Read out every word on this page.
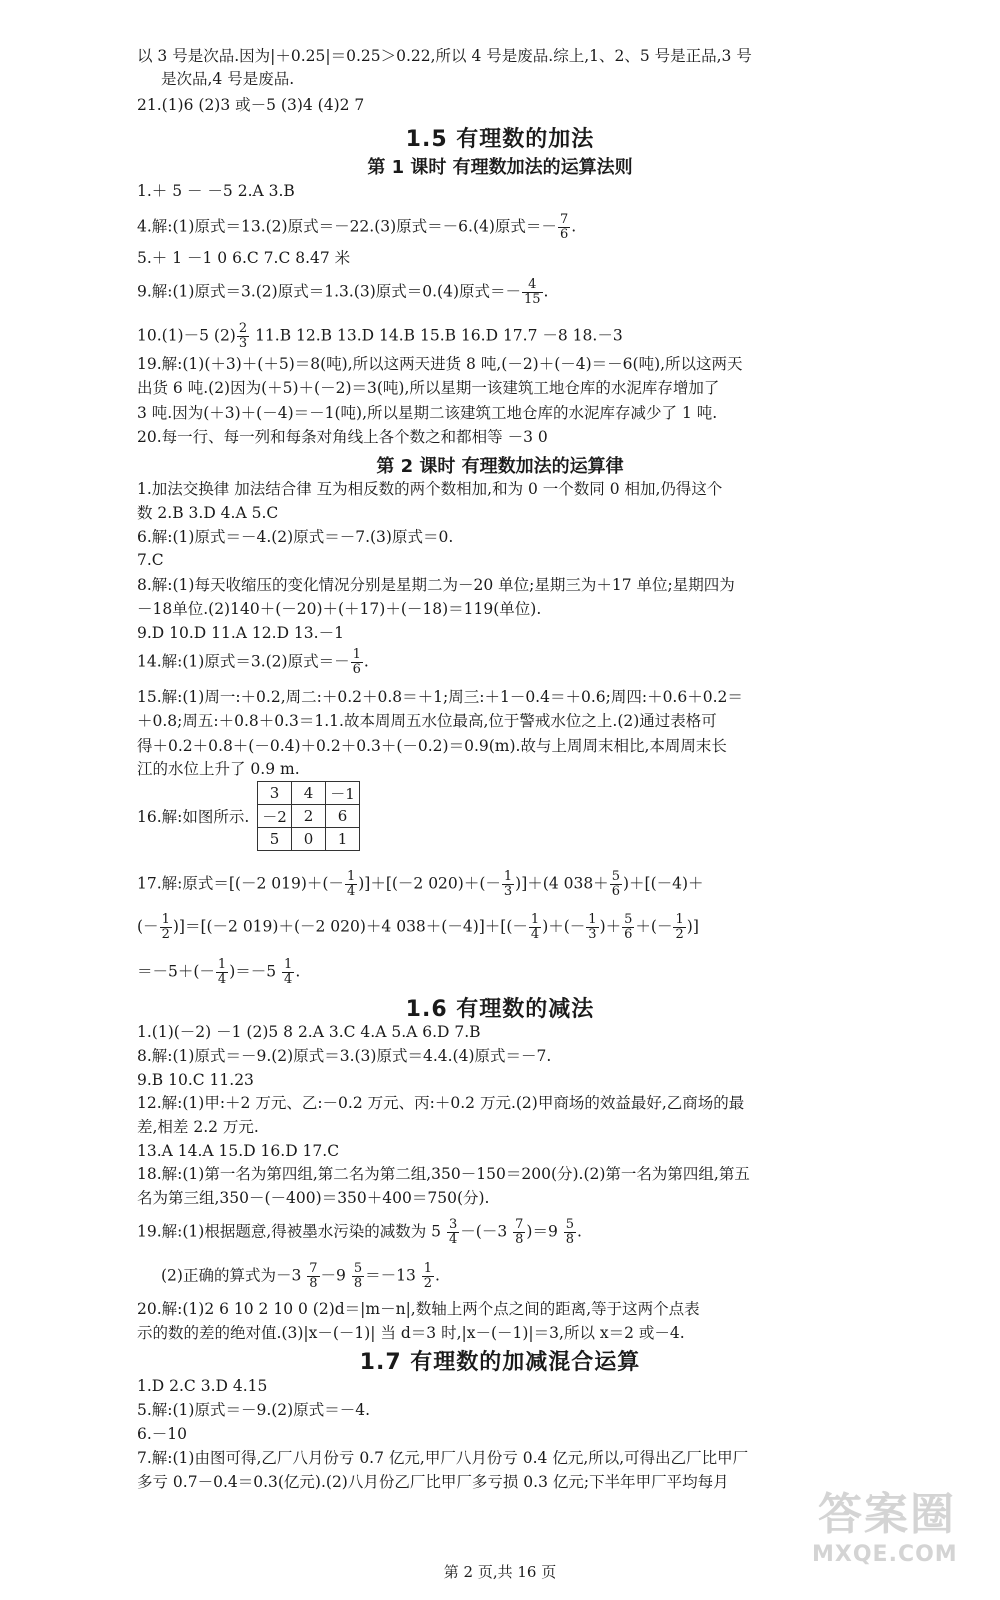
以 3 号是次品.因为|＋0.25|＝0.25＞0.22,所以 4 号是废品.综上,1、2、5 号是正品,3 号
是次品,4 号是废品.
21.(1)6 (2)3 或－5 (3)4 (4)2 7
1.5 有理数的加法
第 1 课时 有理数加法的运算法则
1.＋ 5 － －5 2.A 3.B
4.解:(1)原式＝13.(2)原式＝－22.(3)原式＝－6.(4)原式＝－ $\frac{7}{6}$ .
5.＋ 1 －1 0 6.C 7.C 8.47 米
9.解:(1)原式＝3.(2)原式＝1.3.(3)原式＝0.(4)原式＝－ $\frac{4}{15}$ .
10.(1)－5 $(2) \frac{2}{3} 11.B$ 12.B 13.D 14.B 15.B 16.D 17.7 －8 18.－3
19.解:(1)(＋3)＋(＋5)＝8(吨),所以这两天进货 8 吨,(－2)＋(－4)＝－6(吨),所以这两天
出货 6 吨.(2)因为(＋5)＋(－2)＝3(吨),所以星期一该建筑工地仓库的水泥库存增加了
3 吨.因为(＋3)＋(－4)＝－1(吨),所以星期二该建筑工地仓库的水泥库存减少了 1 吨.
20.每一行、每一列和每条对角线上各个数之和都相等 －3 0
第 2 课时 有理数加法的运算律
1.加法交换律 加法结合律 互为相反数的两个数相加,和为 0 一个数同 0 相加,仍得这个
数 2.B 3.D 4.A 5.C
6.解:(1)原式＝－4.(2)原式＝－7.(3)原式＝0.
7.C
8.解:(1)每天收缩压的变化情况分别是星期二为－20 单位;星期三为＋17 单位;星期四为
－18单位.(2)140＋(－20)＋(＋17)＋(－18)＝119(单位).
9.D 10.D 11.A 12.D 13.－1
14.解:(1)原式＝3.(2)原式＝－ $\frac{1}{6}$ .
15.解:(1)周一:＋0.2,周二:＋0.2＋0.8＝＋1;周三:＋1－0.4＝＋0.6;周四:＋0.6＋0.2＝
＋0.8;周五:＋0.8＋0.3＝1.1.故本周周五水位最高,位于警戒水位之上.(2)通过表格可
得＋0.2＋0.8＋(－0.4)＋0.2＋0.3＋(－0.2)＝0.9(m).故与上周周末相比,本周周末长
江的水位上升了 0.9 m.
3	4	－1
－2	2	6
5	0	1
16.解:如图所示.
17.解:原式＝[(－2 $019)+(- \frac{1}{4} )]+[(-2$ $020)+(- \frac{1}{3} )]+(4$ $038+ \frac{5}{6} )+[(-4)+$
(－ $\frac{1}{2} )]=[(-2$ 019)＋(－2 020)＋4 $038+(-4)]+[(- \frac{1}{4}$ )＋(－ $\frac{1}{3}$ )＋ $\frac{5}{6}$ ＋(－ $\frac{1}{2}$ )]
$=-5+(- \frac{1}{4} )=-5 \frac{1}{4}$ .
1.6 有理数的减法
1.(1)(－2) －1 (2)5 8 2.A 3.C 4.A 5.A 6.D 7.B
8.解:(1)原式＝－9.(2)原式＝3.(3)原式＝4.4.(4)原式＝－7.
9.B 10.C 11.23
12.解:(1)甲:＋2 万元、乙:－0.2 万元、丙:＋0.2 万元.(2)甲商场的效益最好,乙商场的最
差,相差 2.2 万元.
13.A 14.A 15.D 16.D 17.C
18.解:(1)第一名为第四组,第二名为第二组,350－150＝200(分).(2)第一名为第四组,第五
名为第三组,350－(－400)＝350＋400＝750(分).
19.解:(1)根据题意,得被墨水污染的减数为 $5 \frac{3}{4} -(-3 \frac{7}{8} )=9 \frac{5}{8}$ .
(2)正确的算式为$-3 \frac{7}{8} -9 \frac{5}{8} =-13 \frac{1}{2}$ .
20.解:(1)2 6 10 2 10 0 (2)d＝|m－n|,数轴上两个点之间的距离,等于这两个点表
示的数的差的绝对值.(3)|x－(－1)| 当 d＝3 时,|x－(－1)|＝3,所以 x＝2 或－4.
1.7 有理数的加减混合运算
1.D 2.C 3.D 4.15
5.解:(1)原式＝－9.(2)原式＝－4.
6.－10
7.解:(1)由图可得,乙厂八月份亏 0.7 亿元,甲厂八月份亏 0.4 亿元,所以,可得出乙厂比甲厂
多亏 0.7－0.4＝0.3(亿元).(2)八月份乙厂比甲厂多亏损 0.3 亿元;下半年甲厂平均每月
第 2 页,共 16 页
答案圈
MXQE.COM
